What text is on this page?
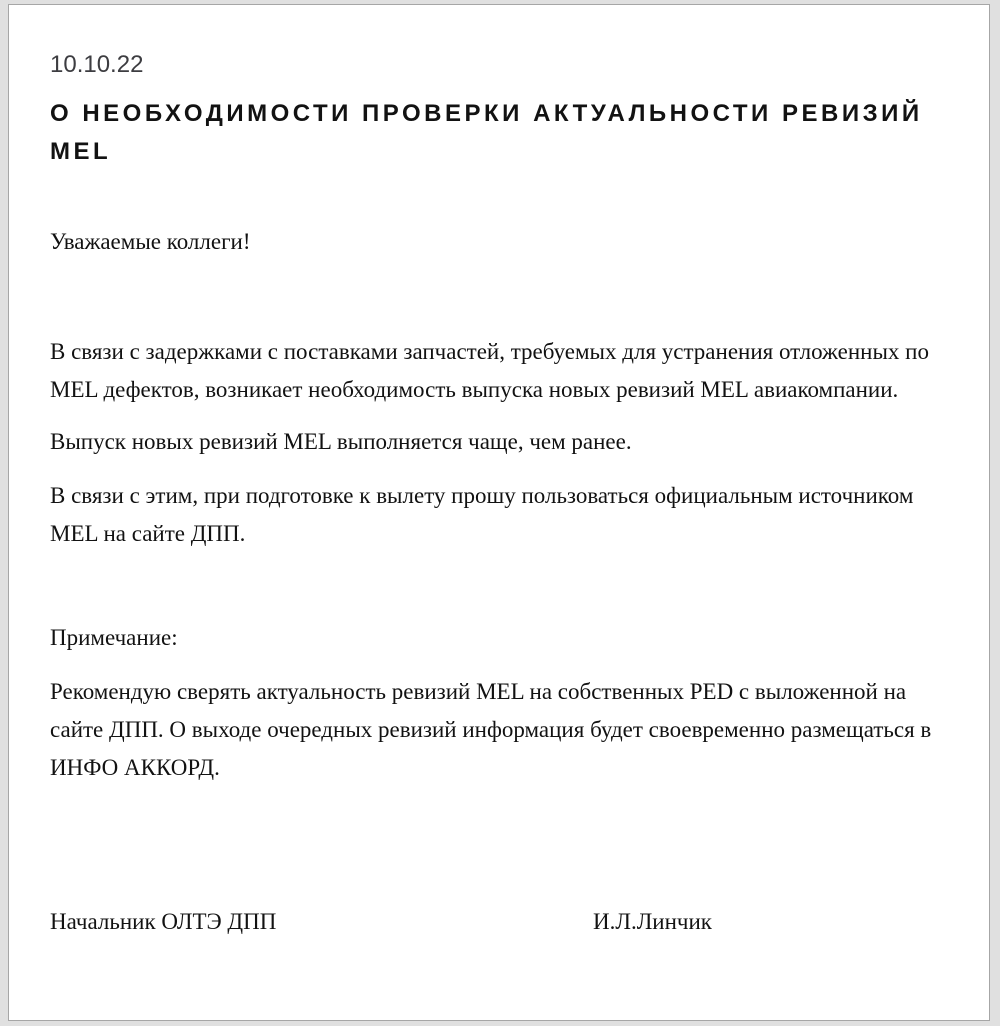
10.10.22
О НЕОБХОДИМОСТИ ПРОВЕРКИ АКТУАЛЬНОСТИ РЕВИЗИЙ MEL

Уважаемые коллеги!

В связи с задержками с поставками запчастей, требуемых для устранения отложенных по MEL дефектов, возникает необходимость выпуска новых ревизий MEL авиакомпании.

Выпуск новых ревизий MEL выполняется чаще, чем ранее.

В связи с этим, при подготовке к вылету прошу пользоваться официальным источником MEL на сайте ДПП.

Примечание:

Рекомендую сверять актуальность ревизий MEL на собственных PED с выложенной на сайте ДПП. О выходе очередных ревизий информация будет своевременно размещаться в ИНФО АККОРД.

Начальник ОЛТЭ ДПП	И.Л.Линчик
